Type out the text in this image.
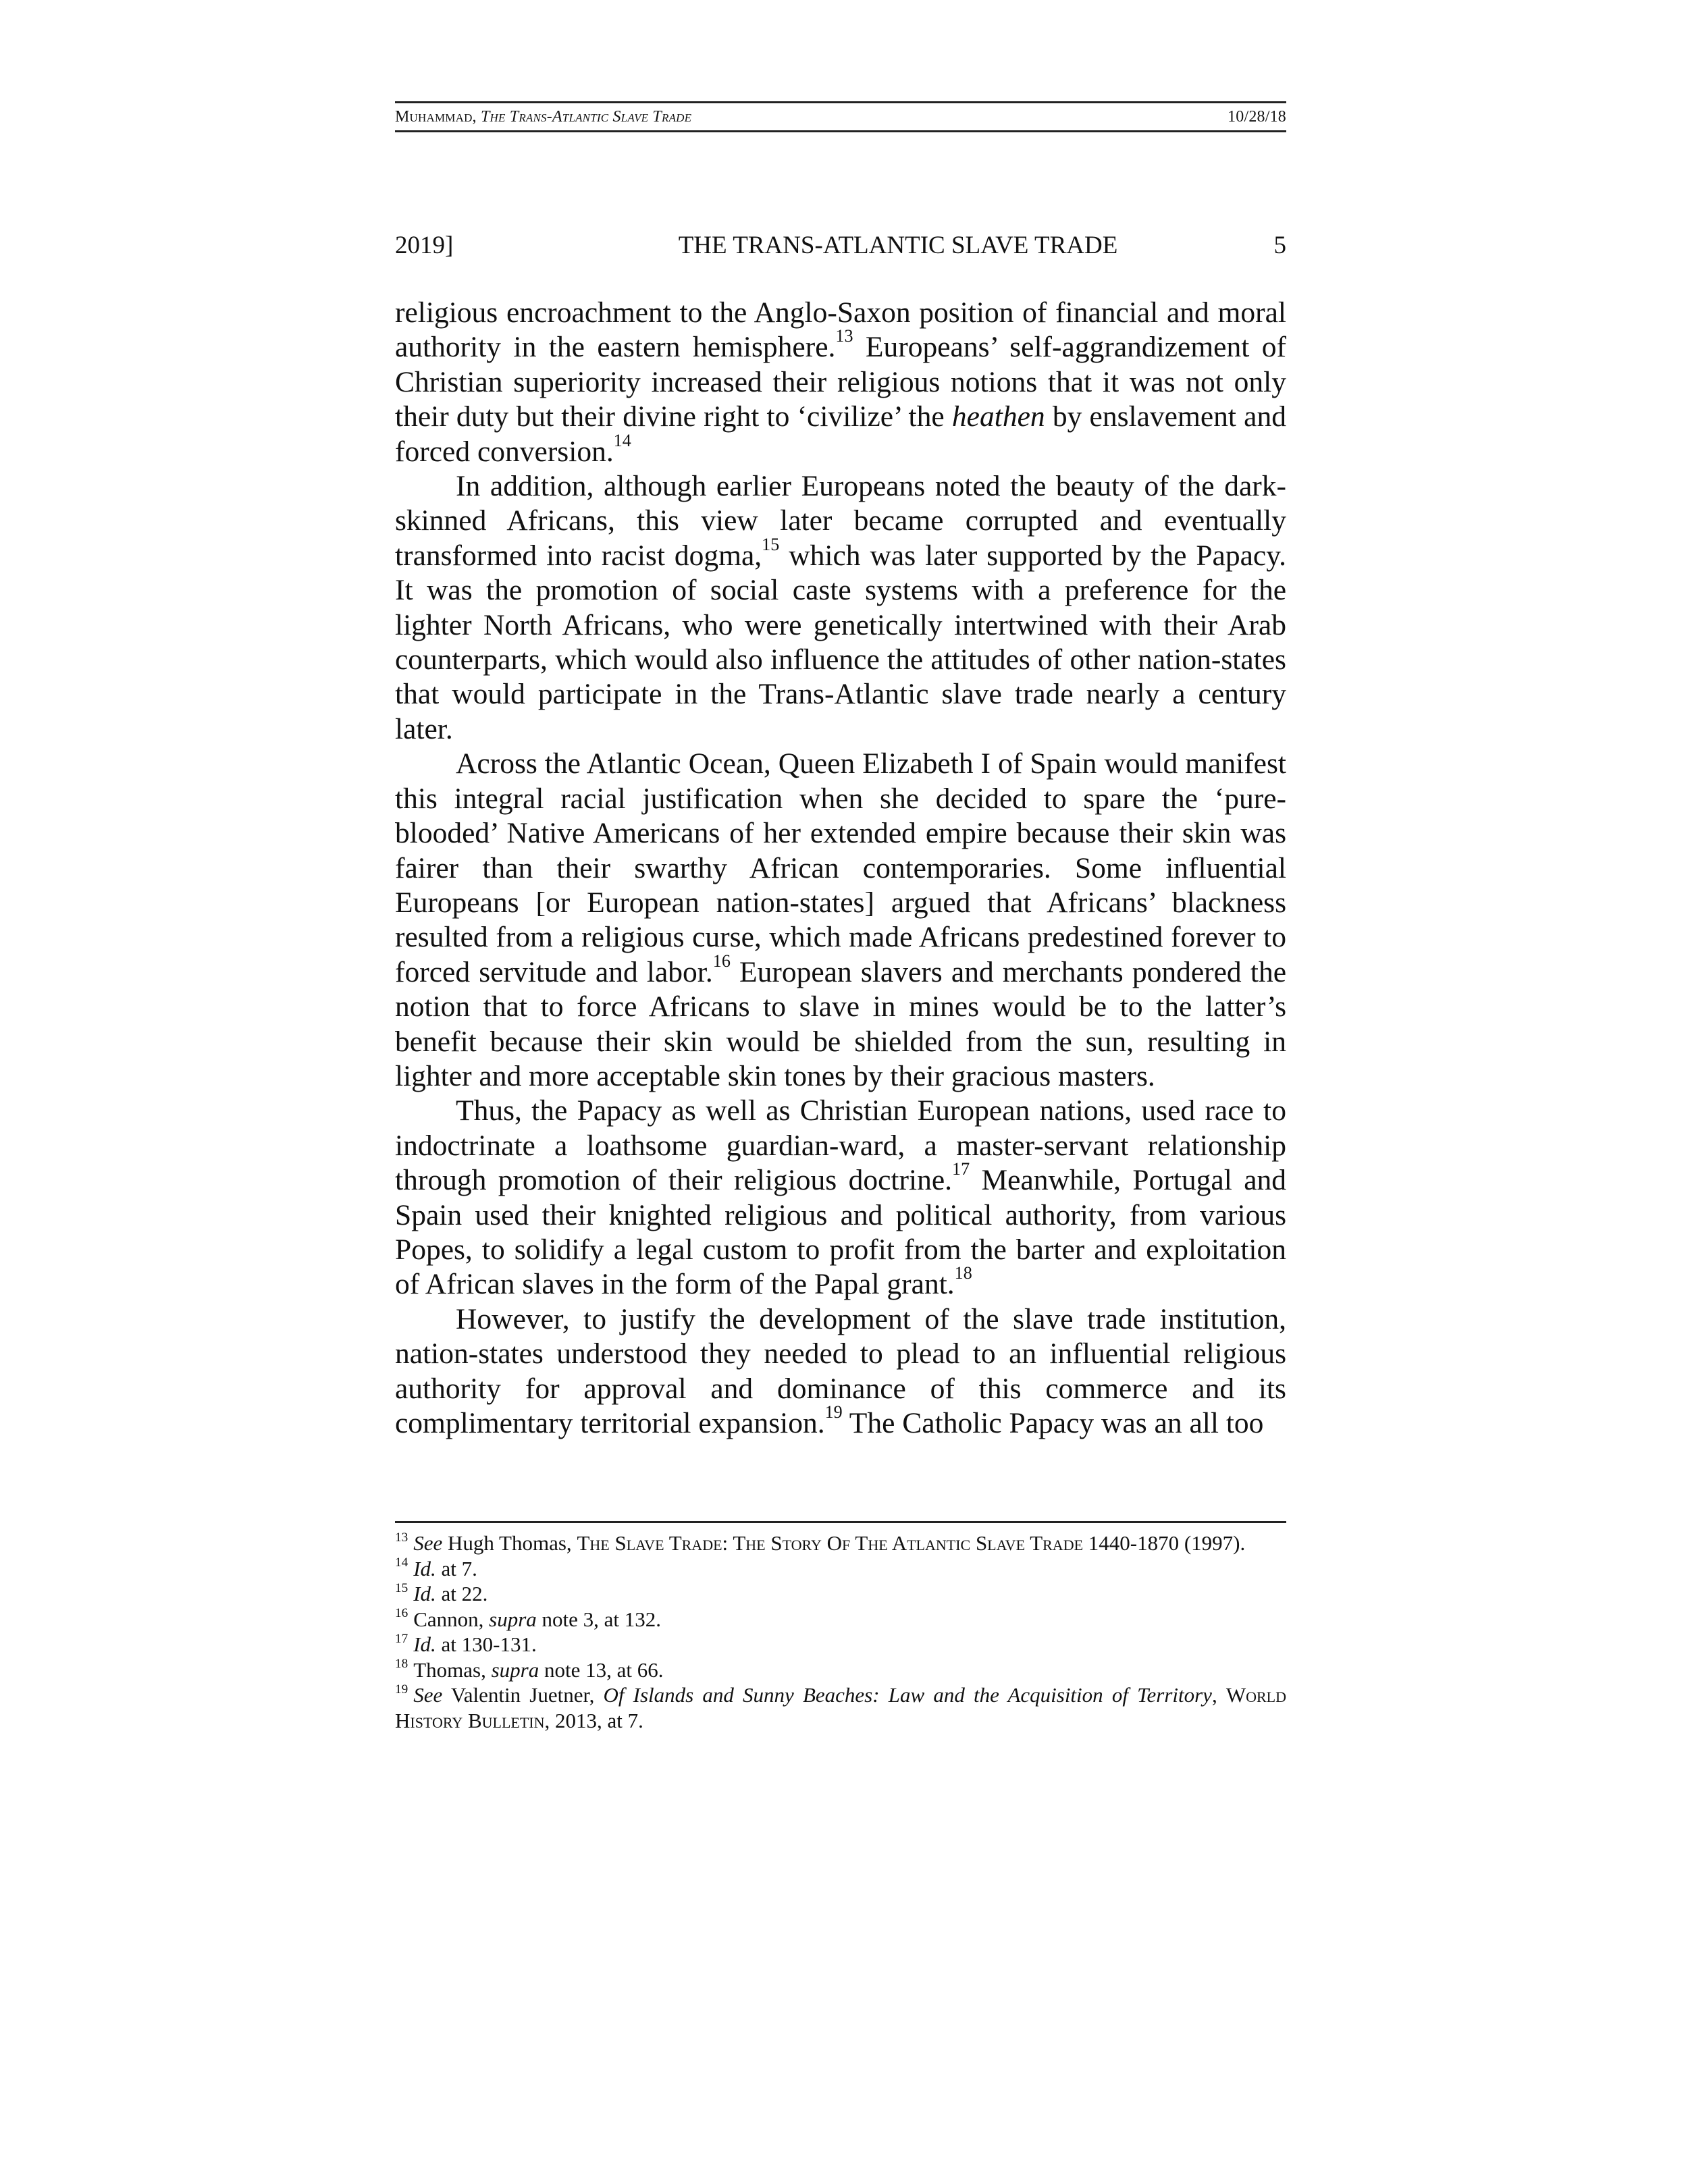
Muhammad, The Trans-Atlantic Slave Trade	10/28/18
2019]	THE TRANS-ATLANTIC SLAVE TRADE	5

religious encroachment to the Anglo-Saxon position of financial and moral authority in the eastern hemisphere.$^{13}$ Europeans’ self-aggrandizement of Christian superiority increased their religious notions that it was not only their duty but their divine right to ‘civilize’ the heathen by enslavement and forced conversion.$^{14}$

In addition, although earlier Europeans noted the beauty of the dark-skinned Africans, this view later became corrupted and eventually transformed into racist dogma,$^{15}$ which was later supported by the Papacy. It was the promotion of social caste systems with a preference for the lighter North Africans, who were genetically intertwined with their Arab counterparts, which would also influence the attitudes of other nation-states that would participate in the Trans-Atlantic slave trade nearly a century later.

Across the Atlantic Ocean, Queen Elizabeth I of Spain would manifest this integral racial justification when she decided to spare the ‘pure-blooded’ Native Americans of her extended empire because their skin was fairer than their swarthy African contemporaries. Some influential Europeans [or European nation-states] argued that Africans’ blackness resulted from a religious curse, which made Africans predestined forever to forced servitude and labor.$^{16}$ European slavers and merchants pondered the notion that to force Africans to slave in mines would be to the latter’s benefit because their skin would be shielded from the sun, resulting in lighter and more acceptable skin tones by their gracious masters.

Thus, the Papacy as well as Christian European nations, used race to indoctrinate a loathsome guardian-ward, a master-servant relationship through promotion of their religious doctrine.$^{17}$ Meanwhile, Portugal and Spain used their knighted religious and political authority, from various Popes, to solidify a legal custom to profit from the barter and exploitation of African slaves in the form of the Papal grant.$^{18}$

However, to justify the development of the slave trade institution, nation-states understood they needed to plead to an influential religious authority for approval and dominance of this commerce and its complimentary territorial expansion.$^{19}$ The Catholic Papacy was an all too

$^{13}$ See Hugh Thomas, The Slave Trade: The Story Of The Atlantic Slave Trade 1440-1870 (1997).
$^{14}$ Id. at 7.
$^{15}$ Id. at 22.
$^{16}$ Cannon, supra note 3, at 132.
$^{17}$ Id. at 130-131.
$^{18}$ Thomas, supra note 13, at 66.
$^{19}$ See Valentin Juetner, Of Islands and Sunny Beaches: Law and the Acquisition of Territory, World History Bulletin, 2013, at 7.
